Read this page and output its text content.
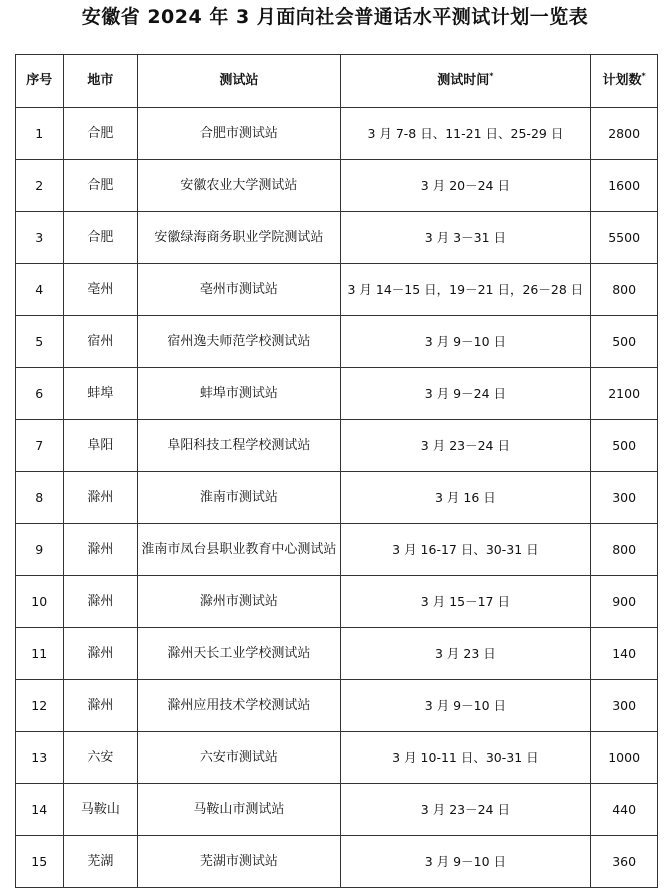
安徽省 2024 年 3 月面向社会普通话水平测试计划一览表
序号	地市	测试站	测试时间*	计划数*
1	合肥	合肥市测试站	3 月 7-8 日、11-21 日、25-29 日	2800
2	合肥	安徽农业大学测试站	3 月 20－24 日	1600
3	合肥	安徽绿海商务职业学院测试站	3 月 3－31 日	5500
4	亳州	亳州市测试站	3 月 14－15 日，19－21 日，26－28 日	800
5	宿州	宿州逸夫师范学校测试站	3 月 9－10 日	500
6	蚌埠	蚌埠市测试站	3 月 9－24 日	2100
7	阜阳	阜阳科技工程学校测试站	3 月 23－24 日	500
8	滁州	淮南市测试站	3 月 16 日	300
9	滁州	淮南市凤台县职业教育中心测试站	3 月 16-17 日、30-31 日	800
10	滁州	滁州市测试站	3 月 15－17 日	900
11	滁州	滁州天长工业学校测试站	3 月 23 日	140
12	滁州	滁州应用技术学校测试站	3 月 9－10 日	300
13	六安	六安市测试站	3 月 10-11 日、30-31 日	1000
14	马鞍山	马鞍山市测试站	3 月 23－24 日	440
15	芜湖	芜湖市测试站	3 月 9－10 日	360
